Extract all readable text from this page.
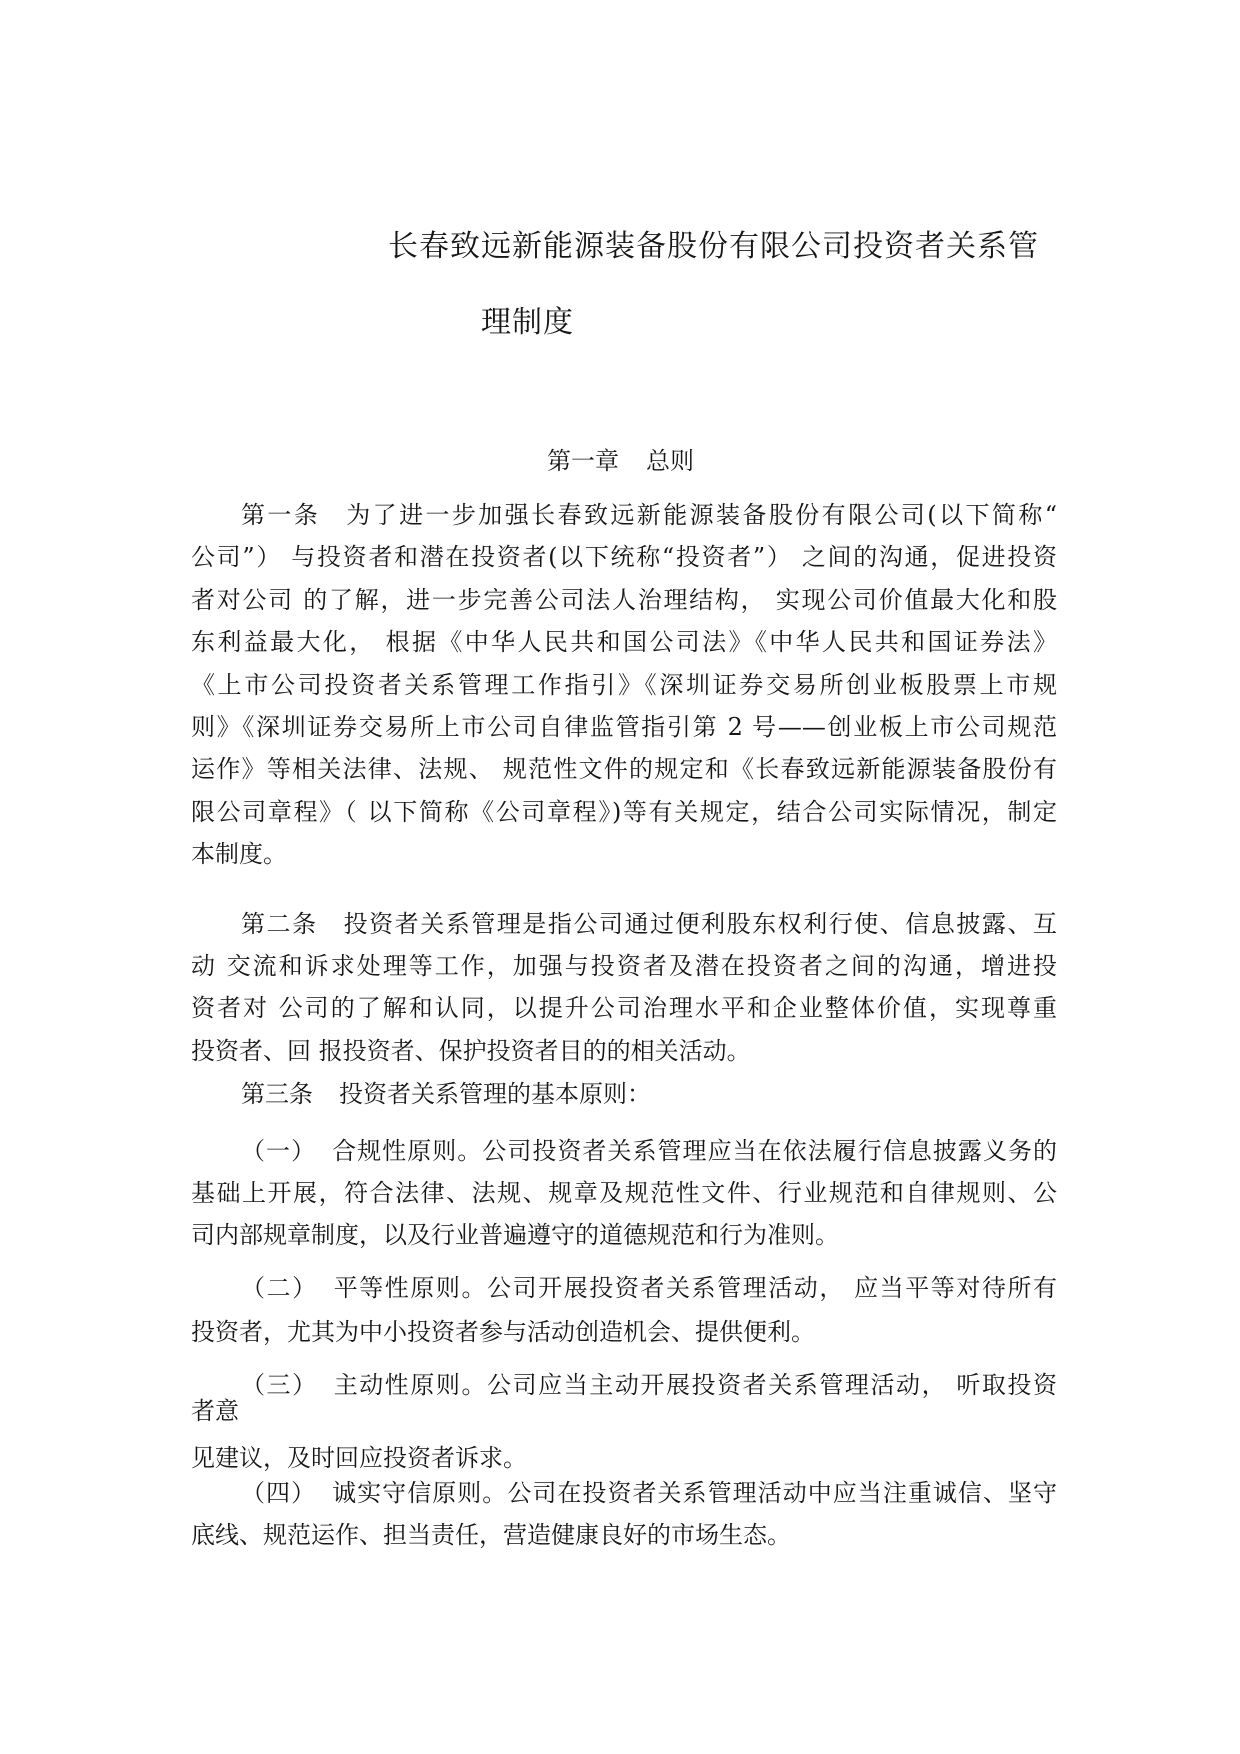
长春致远新能源装备股份有限公司投资者关系管
理制度
第一章 总则
第一条 为了进一步加强长春致远新能源装备股份有限公司(以下简称“
公司”） 与投资者和潜在投资者(以下统称“投资者”） 之间的沟通，促进投资
者对公司 的了解，进一步完善公司法人治理结构， 实现公司价值最大化和股
东利益最大化， 根据《中华人民共和国公司法》《中华人民共和国证券法》
《上市公司投资者关系管理工作指引》《深圳证券交易所创业板股票上市规
则》《深圳证券交易所上市公司自律监管指引第 2 号——创业板上市公司规范
运作》等相关法律、法规、 规范性文件的规定和《长春致远新能源装备股份有
限公司章程》（ 以下简称《公司章程》)等有关规定，结合公司实际情况，制定
本制度。
第二条 投资者关系管理是指公司通过便利股东权利行使、信息披露、互
动 交流和诉求处理等工作，加强与投资者及潜在投资者之间的沟通，增进投
资者对 公司的了解和认同，以提升公司治理水平和企业整体价值，实现尊重
投资者、回 报投资者、保护投资者目的的相关活动。
第三条 投资者关系管理的基本原则：
（一） 合规性原则。公司投资者关系管理应当在依法履行信息披露义务的
基础上开展，符合法律、法规、规章及规范性文件、行业规范和自律规则、公
司内部规章制度，以及行业普遍遵守的道德规范和行为准则。
（二） 平等性原则。公司开展投资者关系管理活动， 应当平等对待所有
投资者，尤其为中小投资者参与活动创造机会、提供便利。
（三） 主动性原则。公司应当主动开展投资者关系管理活动， 听取投资
者意
见建议，及时回应投资者诉求。
（四） 诚实守信原则。公司在投资者关系管理活动中应当注重诚信、坚守
底线、规范运作、担当责任，营造健康良好的市场生态。
